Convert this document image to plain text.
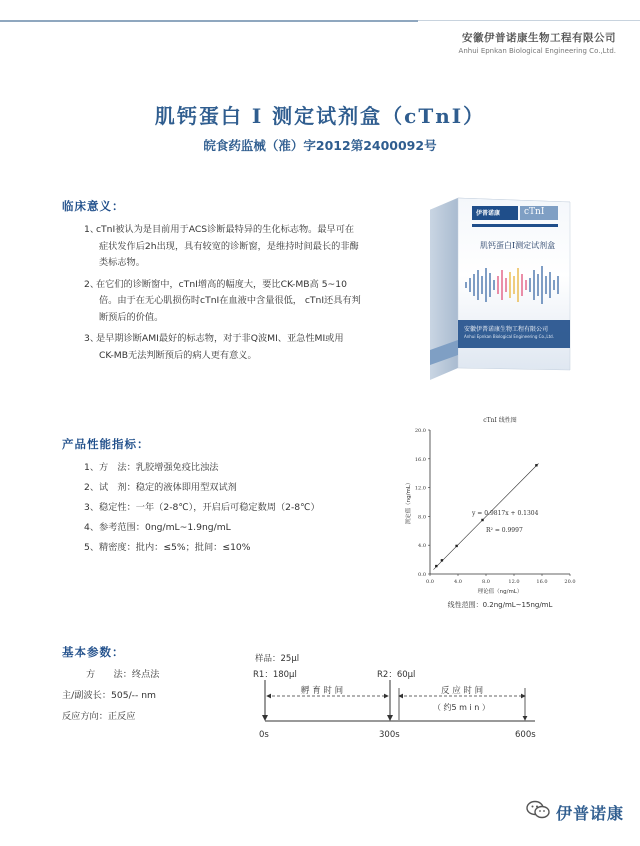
安徽伊普诺康生物工程有限公司
Anhui Epnkan Biological Engineering Co.,Ltd.
肌钙蛋白 I 测定试剂盒（cTnI）
皖食药监械（准）字2012第2400092号
临床意义：
1、cTnI被认为是目前用于ACS诊断最特异的生化标志物。最早可在
症状发作后2h出现，具有较宽的诊断窗，是维持时间最长的非酶
类标志物。
2、在它们的诊断窗中，cTnI增高的幅度大，要比CK-MB高 5~10
倍。由于在无心肌损伤时cTnI在血液中含量很低， cTnI还具有判
断预后的价值。
3、是早期诊断AMI最好的标志物，对于非Q波MI、亚急性MI或用
CK-MB无法判断预后的病人更有意义。
伊普诺康	cTnI
肌钙蛋白I测定试剂盒
安徽伊普诺康生物工程有限公司
Anhui Epnkan Biological Engineering Co.,Ltd.
产品性能指标：
1、方　法：乳胶增强免疫比浊法
2、试　剂：稳定的液体即用型双试剂
3、稳定性：一年（2-8℃），开启后可稳定数周（2-8℃）
4、参考范围：0ng/mL~1.9ng/mL
5、精密度：批内：≤5%；批间：≤10%
cTnI 线性图
0.0	4.0	8.0	12.0	16.0	20.0
0.0
4.0
8.0
12.0
16.0
20.0
y = 0.9817x + 0.1304
R² = 0.9997
理论值（ng/mL）
测定值（ng/mL）
线性范围：0.2ng/mL~15ng/mL
基本参数：
方　　法：终点法
主/副波长：505/-- nm
反应方向：正反应
样品：25μl
R1：180μl	R2：60μl
孵 育 时 间	反 应 时 间
（ 约5 m i n ）
0s	300s	600s
伊普诺康
